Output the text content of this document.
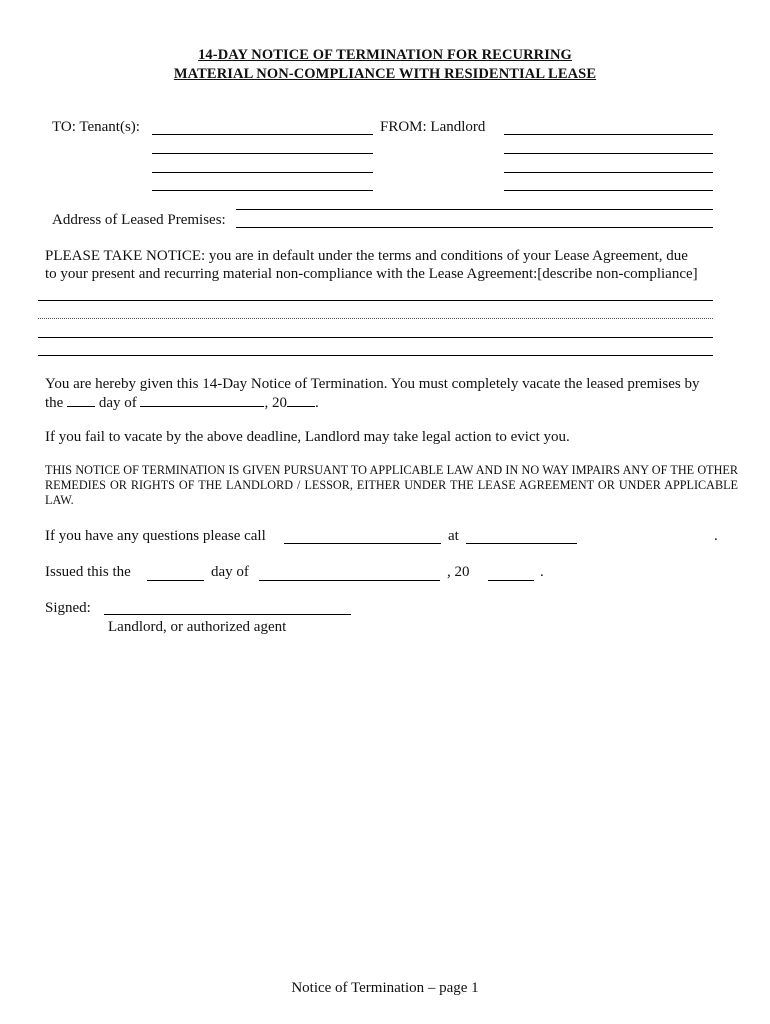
14-DAY NOTICE OF TERMINATION FOR RECURRING
MATERIAL NON-COMPLIANCE WITH RESIDENTIAL LEASE
TO: Tenant(s):	FROM: Landlord
Address of Leased Premises:
PLEASE TAKE NOTICE: you are in default under the terms and conditions of your Lease Agreement, due
to your present and recurring material non-compliance with the Lease Agreement:[describe non-compliance]
You are hereby given this 14-Day Notice of Termination. You must completely vacate the leased premises by
the day of	, 20 .
If you fail to vacate by the above deadline, Landlord may take legal action to evict you.
THIS NOTICE OF TERMINATION IS GIVEN PURSUANT TO APPLICABLE LAW AND IN NO WAY IMPAIRS ANY OF THE OTHER REMEDIES OR RIGHTS OF THE LANDLORD / LESSOR, EITHER UNDER THE LEASE AGREEMENT OR UNDER APPLICABLE LAW.
If you have any questions please call	at	.
Issued this the	day of	, 20	.
Signed:
Landlord, or authorized agent
Notice of Termination – page 1
